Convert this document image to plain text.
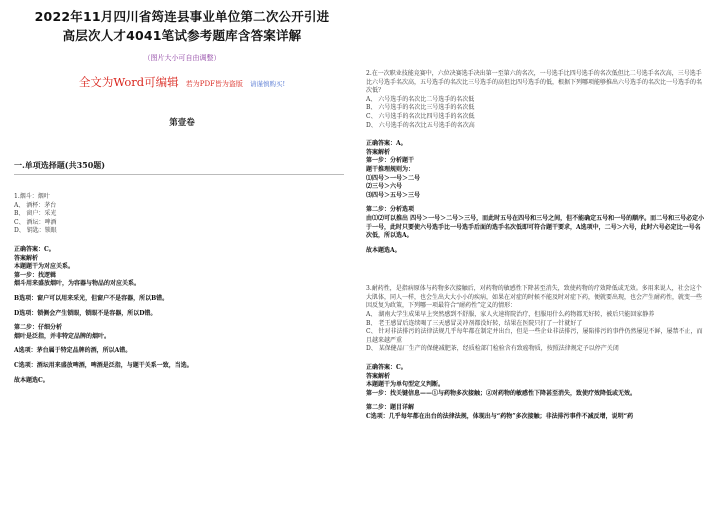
2022年11月四川省筠连县事业单位第二次公开引进
高层次人才4041笔试参考题库含答案详解
（图片大小可自由调整）
全文为Word可编辑 若为PDF皆为盗版 请谨慎购买!
第壹卷
一.单项选择题(共350题)
1.烟斗：烟叶
A、 酒杯：茅台
B、 窗户：采光
C、 酒坛：啤酒
D、 钥匙：锁眼
正确答案：C。
答案解析
本题题干为对应关系。
第一步：找逻辑
烟斗用来盛放烟叶，为容器与物品的对应关系。
B选项：窗户可以用来采光，但窗户不是容器，所以B错。
D选项：锁侧会产生锁眼，锁眼不是容器，所以D错。
第二步：仔细分析
烟叶是泛指，并非特定品牌的烟叶。
A选项：茅台属于特定品牌的酒，所以A错。
C选项：酒坛用来盛放啤酒，啤酒是泛指，与题干关系一致，当选。
故本题选C。
2.在一次职业技能竞赛中，六位决赛选手决出第一至第六的名次，一号选手比四号选手的名次低但比二号选手名次高，三号选手比六号选手名次高，五号选手的名次比三号选手的高但比四号选手的低，根据下列哪项能够推出六号选手的名次比一号选手的名次低？
A、 六号选手的名次比二号选手的名次低
B、 六号选手的名次比三号选手的名次低
C、 六号选手的名次比四号选手的名次低
D、 六号选手的名次比五号选手的名次高
正确答案：A。
答案解析
第一步：分析题干
题干推理规则为：
⑴四号＞一号＞二号
⑵三号＞六号
⑶四号＞五号＞三号
第二步：分析选项
由⑴⑵可以推出 四号＞一号＞二号＞三号，而此时五号在四号和三号之间，但不能确定五号和一号的顺序。而二号和三号必定小于一号，此时只要使六号选手比一号选手后面的选手名次低即可符合题干要求，A选项中，二号＞六号，此时六号必定比一号名次低，所以选A。
故本题选A。
3.耐药性，是指病原体与药物多次接触后，对药物的敏感性下降甚至消失，致使药物的疗效降低或无效。多用来说人，社会这个大肌体，同人一样，也会生出大大小小的疾病，如果在对症的时候不能及时对症下药，便就要出现，也会产生耐药性，就变一些因反复为政策，下列哪一项最符合“耐药性”定义的情形：
A、 湖南大学生成果早上突然感到不舒服，家人火速将院治疗，但服用什么药物都无好转，被后只能回家静养
B、 老王感冒后连续喝了三天感冒灵冲剂都没好转，结果在医院只打了一针就好了
C、 针对非法排污的法律法规几乎每年都在制定并出台，但是一些企业非法排污，屡陷排污的事件仍然屡见不鲜，屡禁不止，而且越来越严重
D、 某保健品厂生产的保健减肥茶，经质检部门检验含有致癌物质，按照法律规定予以停产关闭
正确答案：C。
答案解析
本题题干为单句型定义判断。
第一步：找关键信息——①与药物多次接触；②对药物的敏感性下降甚至消失，致使疗效降低或无效。
第二步：题目详解
C选项：几乎每年都在出台的法律法规，体现出与“药物”多次接触；非法排污事件不减反增，说明“药
